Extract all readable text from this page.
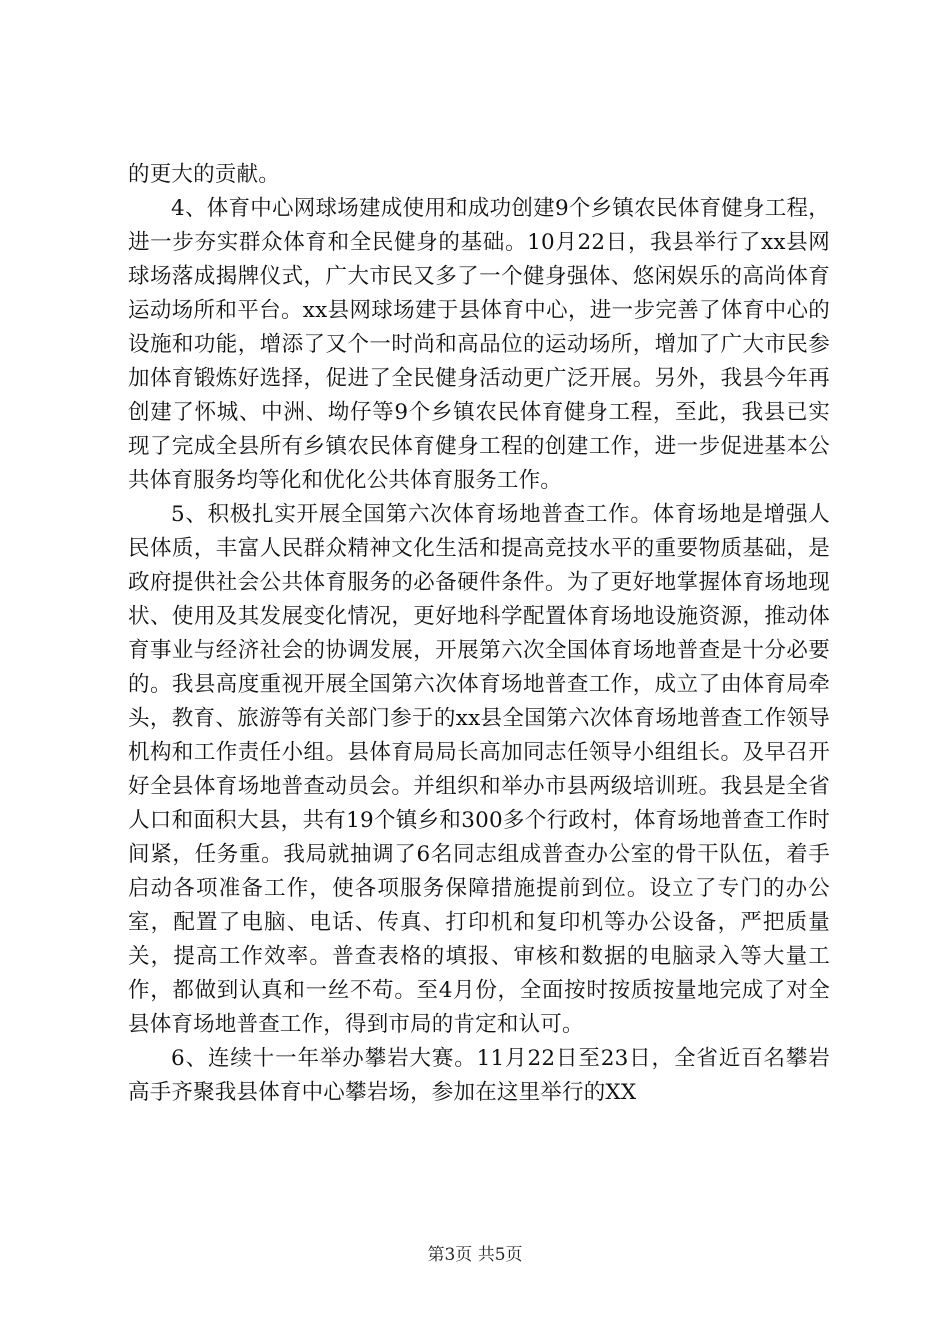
的更大的贡献。

4、体育中心网球场建成使用和成功创建9个乡镇农民体育健身工程，进一步夯实群众体育和全民健身的基础。10月22日，我县举行了xx县网球场落成揭牌仪式，广大市民又多了一个健身强体、悠闲娱乐的高尚体育运动场所和平台。xx县网球场建于县体育中心，进一步完善了体育中心的设施和功能，增添了又个一时尚和高品位的运动场所，增加了广大市民参加体育锻炼好选择，促进了全民健身活动更广泛开展。另外，我县今年再创建了怀城、中洲、坳仔等9个乡镇农民体育健身工程，至此，我县已实现了完成全县所有乡镇农民体育健身工程的创建工作，进一步促进基本公共体育服务均等化和优化公共体育服务工作。

5、积极扎实开展全国第六次体育场地普查工作。体育场地是增强人民体质，丰富人民群众精神文化生活和提高竞技水平的重要物质基础，是政府提供社会公共体育服务的必备硬件条件。为了更好地掌握体育场地现状、使用及其发展变化情况，更好地科学配置体育场地设施资源，推动体育事业与经济社会的协调发展，开展第六次全国体育场地普查是十分必要的。我县高度重视开展全国第六次体育场地普查工作，成立了由体育局牵头，教育、旅游等有关部门参于的xx县全国第六次体育场地普查工作领导机构和工作责任小组。县体育局局长高加同志任领导小组组长。及早召开好全县体育场地普查动员会。并组织和举办市县两级培训班。我县是全省人口和面积大县，共有19个镇乡和300多个行政村，体育场地普查工作时间紧，任务重。我局就抽调了6名同志组成普查办公室的骨干队伍，着手启动各项准备工作，使各项服务保障措施提前到位。设立了专门的办公室，配置了电脑、电话、传真、打印机和复印机等办公设备，严把质量关，提高工作效率。普查表格的填报、审核和数据的电脑录入等大量工作，都做到认真和一丝不苟。至4月份，全面按时按质按量地完成了对全县体育场地普查工作，得到市局的肯定和认可。

6、连续十一年举办攀岩大赛。11月22日至23日，全省近百名攀岩高手齐聚我县体育中心攀岩场，参加在这里举行的XX

第3页 共5页
